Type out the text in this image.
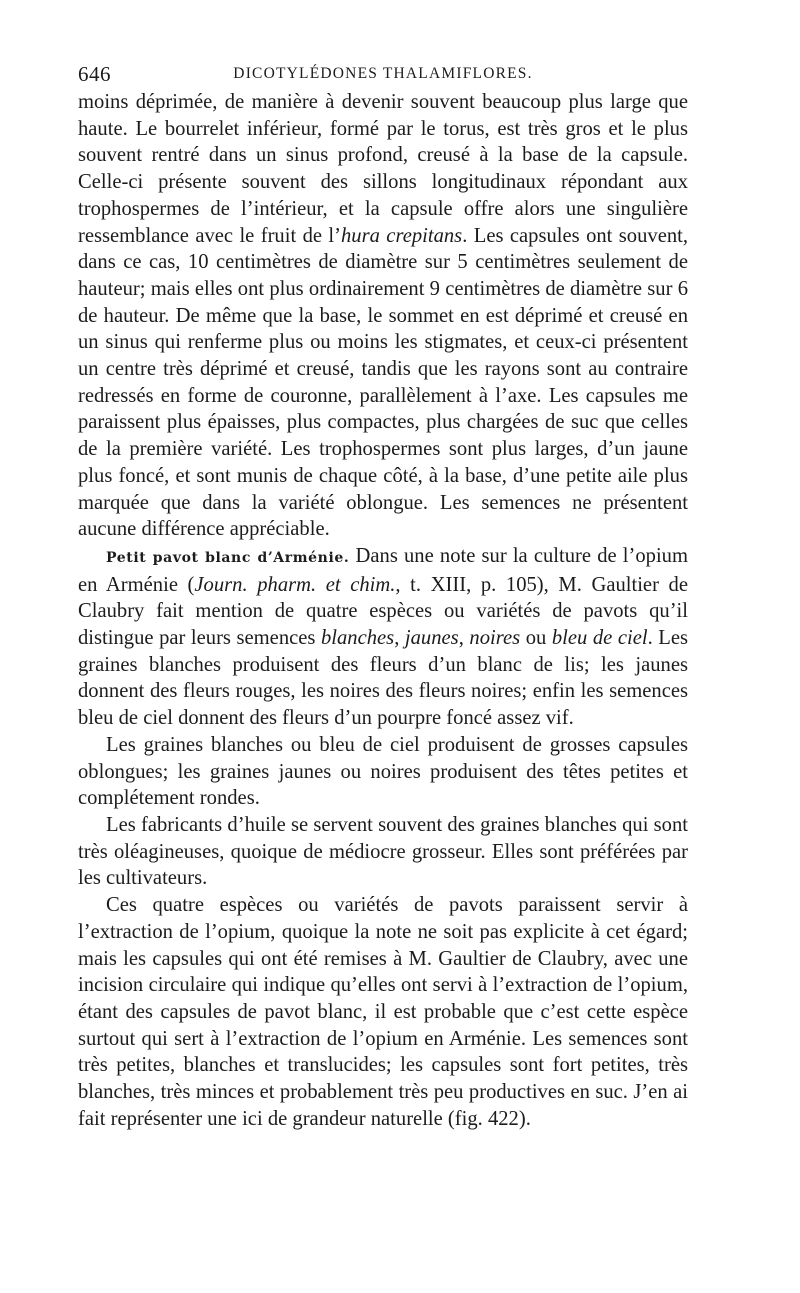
646	DICOTYLÉDONES THALAMIFLORES.

moins déprimée, de manière à devenir souvent beaucoup plus large que haute. Le bourrelet inférieur, formé par le torus, est très gros et le plus souvent rentré dans un sinus profond, creusé à la base de la capsule. Celle-ci présente souvent des sillons longitudinaux répondant aux trophospermes de l’intérieur, et la capsule offre alors une singulière ressemblance avec le fruit de l’hura crepitans. Les capsules ont souvent, dans ce cas, 10 centimètres de diamètre sur 5 centimètres seulement de hauteur; mais elles ont plus ordinairement 9 centimètres de diamètre sur 6 de hauteur. De même que la base, le sommet en est déprimé et creusé en un sinus qui renferme plus ou moins les stigmates, et ceux-ci présentent un centre très déprimé et creusé, tandis que les rayons sont au contraire redressés en forme de couronne, parallèlement à l’axe. Les capsules me paraissent plus épaisses, plus compactes, plus chargées de suc que celles de la première variété. Les trophospermes sont plus larges, d’un jaune plus foncé, et sont munis de chaque côté, à la base, d’une petite aile plus marquée que dans la variété oblongue. Les semences ne présentent aucune différence appréciable.

Petit pavot blanc d’Arménie. Dans une note sur la culture de l’opium en Arménie (Journ. pharm. et chim., t. XIII, p. 105), M. Gaultier de Claubry fait mention de quatre espèces ou variétés de pavots qu’il distingue par leurs semences blanches, jaunes, noires ou bleu de ciel. Les graines blanches produisent des fleurs d’un blanc de lis; les jaunes donnent des fleurs rouges, les noires des fleurs noires; enfin les semences bleu de ciel donnent des fleurs d’un pourpre foncé assez vif.

Les graines blanches ou bleu de ciel produisent de grosses capsules oblongues; les graines jaunes ou noires produisent des têtes petites et complétement rondes.

Les fabricants d’huile se servent souvent des graines blanches qui sont très oléagineuses, quoique de médiocre grosseur. Elles sont préférées par les cultivateurs.

Ces quatre espèces ou variétés de pavots paraissent servir à l’extraction de l’opium, quoique la note ne soit pas explicite à cet égard; mais les capsules qui ont été remises à M. Gaultier de Claubry, avec une incision circulaire qui indique qu’elles ont servi à l’extraction de l’opium, étant des capsules de pavot blanc, il est probable que c’est cette espèce surtout qui sert à l’extraction de l’opium en Arménie. Les semences sont très petites, blanches et translucides; les capsules sont fort petites, très blanches, très minces et probablement très peu productives en suc. J’en ai fait représenter une ici de grandeur naturelle (fig. 422).
